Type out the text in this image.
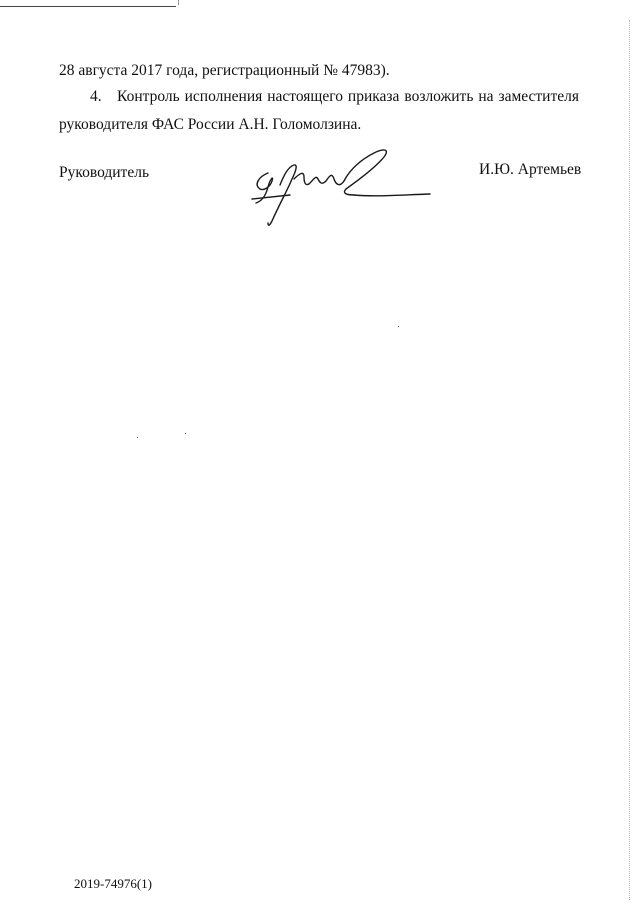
28 августа 2017 года, регистрационный № 47983).
4. Контроль исполнения настоящего приказа возложить на заместителя
руководителя ФАС России А.Н. Голомолзина.
Руководитель	И.Ю. Артемьев
2019-74976(1)
